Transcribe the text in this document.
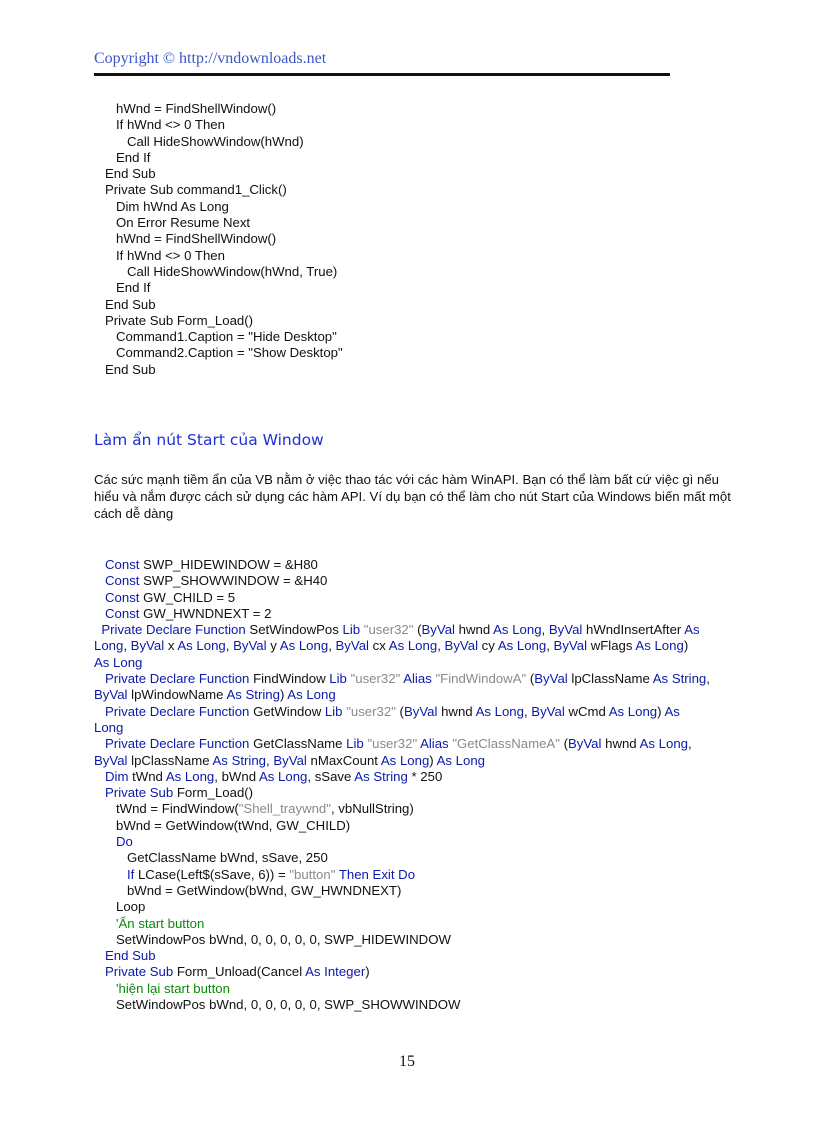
Copyright © http://vndownloads.net
hWnd = FindShellWindow()
If hWnd <> 0 Then
Call HideShowWindow(hWnd)
End If
End Sub
Private Sub command1_Click()
Dim hWnd As Long
On Error Resume Next
hWnd = FindShellWindow()
If hWnd <> 0 Then
Call HideShowWindow(hWnd, True)
End If
End Sub
Private Sub Form_Load()
Command1.Caption = "Hide Desktop"
Command2.Caption = "Show Desktop"
End Sub
Làm ẩn nút Start của Window
Các sức mạnh tiềm ẩn của VB nằm ở việc thao tác với các hàm WinAPI. Bạn có thể làm bất cứ việc gì nếu hiểu và nắm được cách sử dụng các hàm API. Ví dụ bạn có thể làm cho nút Start của Windows biến mất một cách dễ dàng
Const SWP_HIDEWINDOW = &H80
Const SWP_SHOWWINDOW = &H40
Const GW_CHILD = 5
Const GW_HWNDNEXT = 2
Private Declare Function SetWindowPos Lib "user32" (ByVal hwnd As Long, ByVal hWndInsertAfter As
Long, ByVal x As Long, ByVal y As Long, ByVal cx As Long, ByVal cy As Long, ByVal wFlags As Long)
As Long
Private Declare Function FindWindow Lib "user32" Alias "FindWindowA" (ByVal lpClassName As String,
ByVal lpWindowName As String) As Long
Private Declare Function GetWindow Lib "user32" (ByVal hwnd As Long, ByVal wCmd As Long) As
Long
Private Declare Function GetClassName Lib "user32" Alias "GetClassNameA" (ByVal hwnd As Long,
ByVal lpClassName As String, ByVal nMaxCount As Long) As Long
Dim tWnd As Long, bWnd As Long, sSave As String * 250
Private Sub Form_Load()
tWnd = FindWindow("Shell_traywnd", vbNullString)
bWnd = GetWindow(tWnd, GW_CHILD)
Do
GetClassName bWnd, sSave, 250
If LCase(Left$(sSave, 6)) = "button" Then Exit Do
bWnd = GetWindow(bWnd, GW_HWNDNEXT)
Loop
'Ẩn start button
SetWindowPos bWnd, 0, 0, 0, 0, 0, SWP_HIDEWINDOW
End Sub
Private Sub Form_Unload(Cancel As Integer)
'hiện lại start button
SetWindowPos bWnd, 0, 0, 0, 0, 0, SWP_SHOWWINDOW
15
